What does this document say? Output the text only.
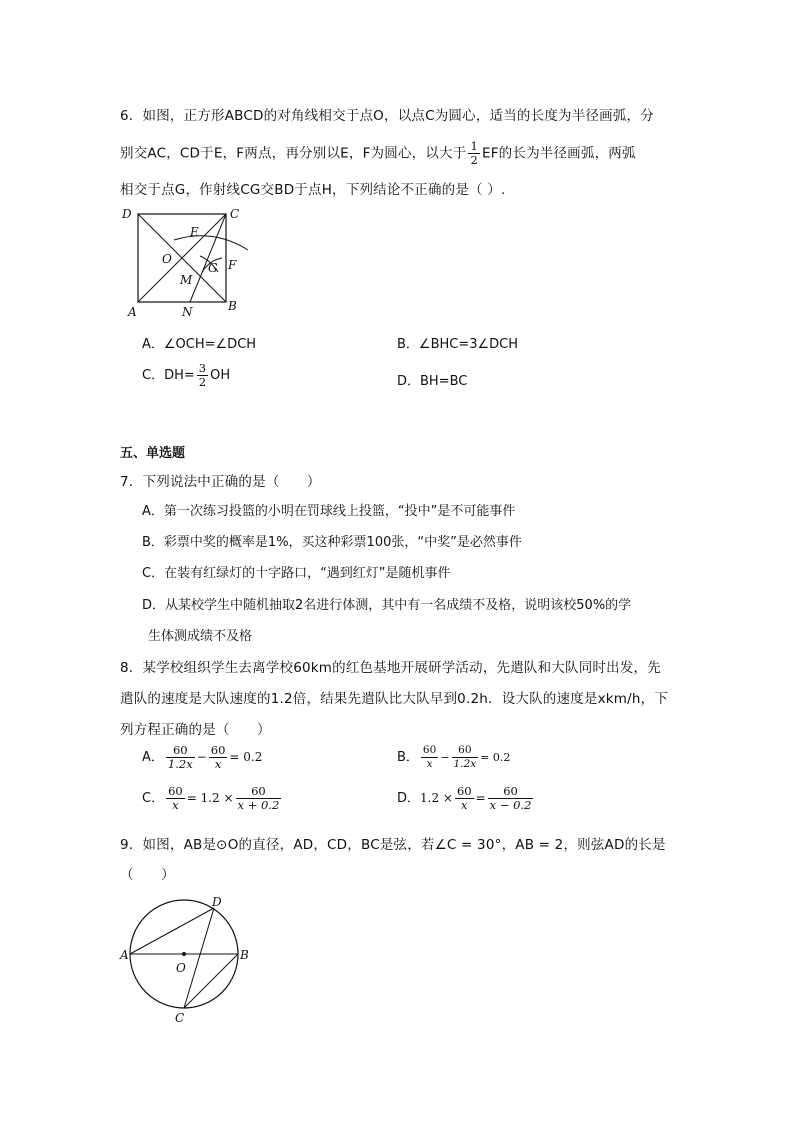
6．如图，正方形ABCD的对角线相交于点O，以点C为圆心，适当的长度为半径画弧，分
别交AC，CD于E，F两点，再分别以E，F为圆心，以大于 $\frac{1}{2}$ EF的长为半径画弧，两弧
相交于点G，作射线CG交BD于点H，下列结论不正确的是（ ）.
D	C
A	B
E
O
G F
M
N
A．∠OCH=∠DCH	B．∠BHC=3∠DCH
C．$DH= \frac{3}{2}$ OH	D．BH=BC
五、单选题
7．下列说法中正确的是（　　）
A．第一次练习投篮的小明在罚球线上投篮，“投中”是不可能事件
B．彩票中奖的概率是1%，买这种彩票100张，“中奖”是必然事件
C．在装有红绿灯的十字路口，“遇到红灯”是随机事件
D．从某校学生中随机抽取2名进行体测，其中有一名成绩不及格，说明该校50%的学
生体测成绩不及格
8．某学校组织学生去离学校60km的红色基地开展研学活动，先遣队和大队同时出发，先
遣队的速度是大队速度的1.2倍，结果先遣队比大队早到0.2h．设大队的速度是xkm/h，下
列方程正确的是（　　）
A． $\frac{60}{1.2x} - \frac{60}{x} = 0.2$	B． $\frac{60}{x} - \frac{60}{1.2x} = 0.2$
C． $\frac{60}{x} = 1.2 \times \frac{60}{x + 0.2}$	D．$1.2 \times \frac{60}{x} = \frac{60}{x - 0.2}$
9．如图，AB是⊙O的直径，AD，CD，BC是弦，若∠C = 30°，AB = 2，则弦AD的长是
（　　）
A	B
C
D
O
